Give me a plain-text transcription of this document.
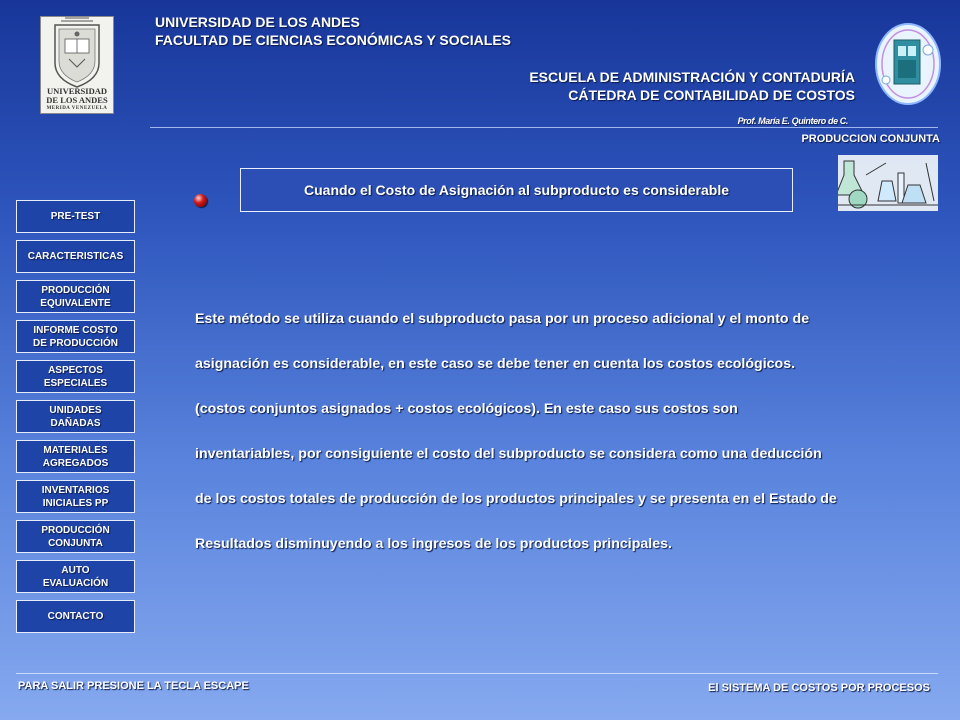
UNIVERSIDAD
DE LOS ANDES
MERIDA VENEZUELA
UNIVERSIDAD DE LOS ANDES
FACULTAD DE CIENCIAS ECONÓMICAS Y SOCIALES
ESCUELA DE ADMINISTRACIÓN Y CONTADURÍA
CÁTEDRA DE CONTABILIDAD DE COSTOS
Prof. María E. Quintero de C.
PRODUCCION CONJUNTA
Cuando el Costo de Asignación al subproducto es considerable
PRE-TEST
CARACTERISTICAS
PRODUCCIÓN
EQUIVALENTE
INFORME COSTO
DE PRODUCCIÓN
ASPECTOS
ESPECIALES
UNIDADES
DAÑADAS
MATERIALES
AGREGADOS
INVENTARIOS
INICIALES PP
PRODUCCIÓN
CONJUNTA
AUTO
EVALUACIÓN
CONTACTO
Este método se utiliza cuando el subproducto pasa por un proceso adicional y el monto de
asignación es considerable, en este caso se debe tener en cuenta los costos ecológicos.
(costos conjuntos asignados + costos ecológicos). En este caso sus costos son
inventariables, por consiguiente el costo del subproducto se considera como una deducción
de los costos totales de producción de los productos principales y se presenta en el Estado de
Resultados disminuyendo a los ingresos de los productos principales.
PARA SALIR PRESIONE LA TECLA ESCAPE	El SISTEMA DE COSTOS POR PROCESOS
